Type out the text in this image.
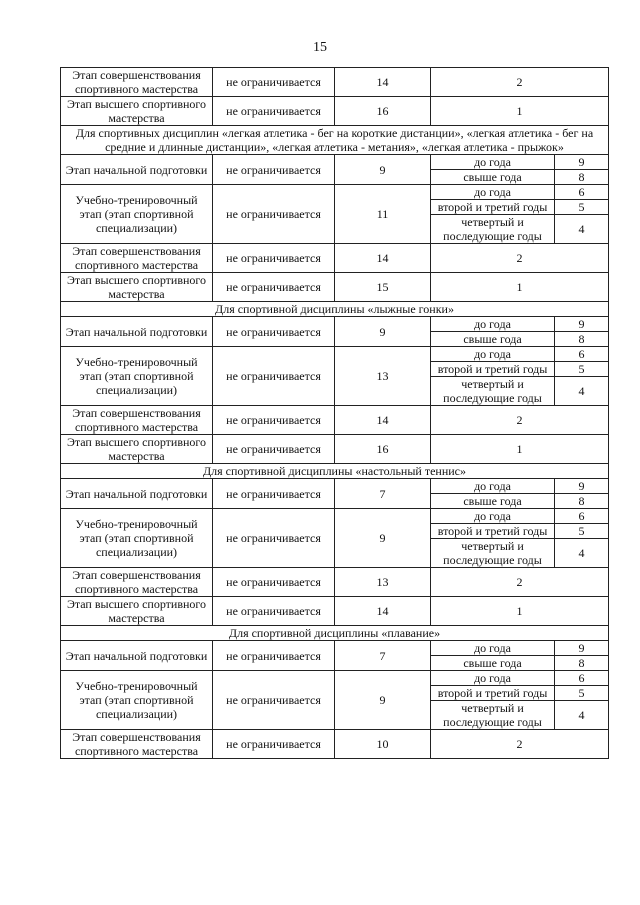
15
Этап совершенствования спортивного мастерства	не ограничивается	14	2	
Этап высшего спортивного мастерства	не ограничивается	16	1	
Для спортивных дисциплин «легкая атлетика - бег на короткие дистанции», «легкая атлетика - бег на средние и длинные дистанции», «легкая атлетика - метания», «легкая атлетика - прыжок»				
Этап начальной подготовки	не ограничивается	9	до года	9
			свыше года	8
Учебно-тренировочный этап (этап спортивной специализации)	не ограничивается	11	до года	6
			второй и третий годы	5
			четвертый и последующие годы	4
Этап совершенствования спортивного мастерства	не ограничивается	14	2	
Этап высшего спортивного мастерства	не ограничивается	15	1	
Для спортивной дисциплины «лыжные гонки»				
Этап начальной подготовки	не ограничивается	9	до года	9
			свыше года	8
Учебно-тренировочный этап (этап спортивной специализации)	не ограничивается	13	до года	6
			второй и третий годы	5
			четвертый и последующие годы	4
Этап совершенствования спортивного мастерства	не ограничивается	14	2	
Этап высшего спортивного мастерства	не ограничивается	16	1	
Для спортивной дисциплины «настольный теннис»				
Этап начальной подготовки	не ограничивается	7	до года	9
			свыше года	8
Учебно-тренировочный этап (этап спортивной специализации)	не ограничивается	9	до года	6
			второй и третий годы	5
			четвертый и последующие годы	4
Этап совершенствования спортивного мастерства	не ограничивается	13	2	
Этап высшего спортивного мастерства	не ограничивается	14	1	
Для спортивной дисциплины «плавание»				
Этап начальной подготовки	не ограничивается	7	до года	9
			свыше года	8
Учебно-тренировочный этап (этап спортивной специализации)	не ограничивается	9	до года	6
			второй и третий годы	5
			четвертый и последующие годы	4
Этап совершенствования спортивного мастерства	не ограничивается	10	2	
